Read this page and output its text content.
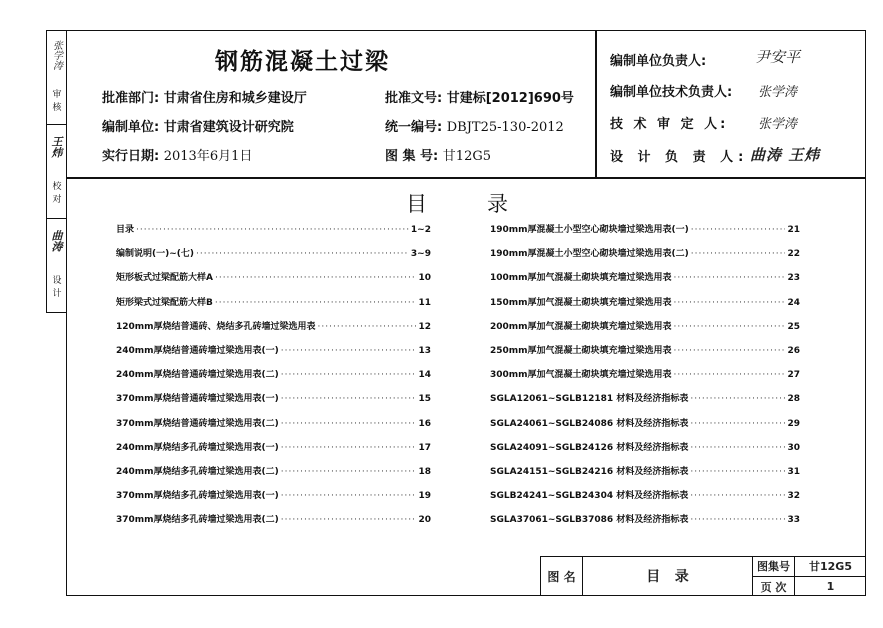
张学涛
审核
王炜
校对
曲涛
设计
钢筋混凝土过梁
批准部门: 甘肃省住房和城乡建设厅	批准文号: 甘建标[2012]690号
编制单位: 甘肃省建筑设计研究院	统一编号: DBJT25-130-2012
实行日期: 2013年6月1日	图 集 号: 甘12G5
编制单位负责人:	尹安平
编制单位技术负责人: 张学涛
技 术 审 定 人: 张学涛
设 计 负 责 人: 曲涛 王炜
目	录
目录 ·····	1~2
编制说明(一)~(七) ·····	3~9
矩形板式过梁配筋大样A ·····	10
矩形梁式过梁配筋大样B ·····	11
120mm厚烧结普通砖、烧结多孔砖墙过梁选用表 ·····	12
240mm厚烧结普通砖墙过梁选用表(一) ·····	13
240mm厚烧结普通砖墙过梁选用表(二) ·····	14
370mm厚烧结普通砖墙过梁选用表(一) ·····	15
370mm厚烧结普通砖墙过梁选用表(二) ·····	16
240mm厚烧结多孔砖墙过梁选用表(一) ·····	17
240mm厚烧结多孔砖墙过梁选用表(二) ·····	18
370mm厚烧结多孔砖墙过梁选用表(一) ·····	19
370mm厚烧结多孔砖墙过梁选用表(二) ·····	20
190mm厚混凝土小型空心砌块墙过梁选用表(一) ·····	21
190mm厚混凝土小型空心砌块墙过梁选用表(二) ·····	22
100mm厚加气混凝土砌块填充墙过梁选用表 ·····	23
150mm厚加气混凝土砌块填充墙过梁选用表 ·····	24
200mm厚加气混凝土砌块填充墙过梁选用表 ·····	25
250mm厚加气混凝土砌块填充墙过梁选用表 ·····	26
300mm厚加气混凝土砌块填充墙过梁选用表 ·····	27
SGLA12061~SGLB12181 材料及经济指标表 ·····	28
SGLA24061~SGLB24086 材料及经济指标表 ·····	29
SGLA24091~SGLB24126 材料及经济指标表 ·····	30
SGLA24151~SGLB24216 材料及经济指标表 ·····	31
SGLB24241~SGLB24304 材料及经济指标表 ·····	32
SGLA37061~SGLB37086 材料及经济指标表 ·····	33
图 名	目   录
图集号	甘12G5
页 次	1
